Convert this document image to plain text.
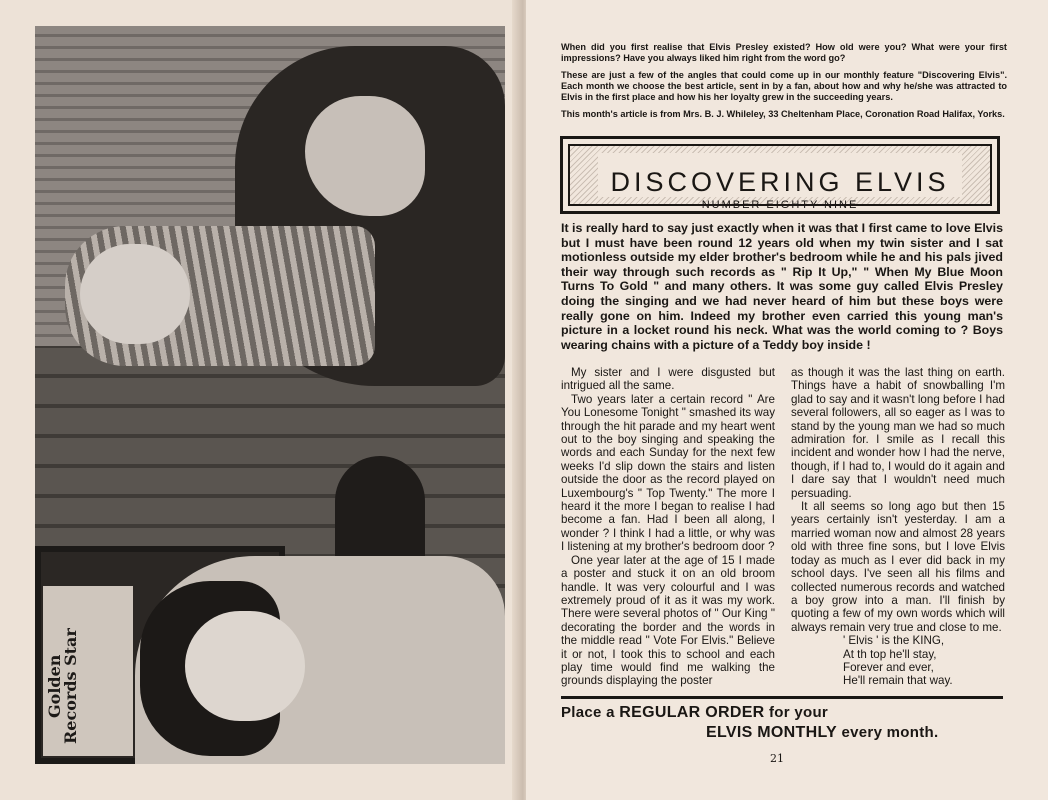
Golden Records Star

When did you first realise that Elvis Presley existed? How old were you? What were your first impressions? Have you always liked him right from the word go?

These are just a few of the angles that could come up in our monthly feature "Discovering Elvis". Each month we choose the best article, sent in by a fan, about how and why he/she was attracted to Elvis in the first place and how his her loyalty grew in the succeeding years.

This month's article is from Mrs. B. J. Whileley, 33 Cheltenham Place, Coronation Road Halifax, Yorks.

DISCOVERING ELVIS
NUMBER EIGHTY-NINE
It is really hard to say just exactly when it was that I first came to love Elvis but I must have been round 12 years old when my twin sister and I sat motionless outside my elder brother's bedroom while he and his pals jived their way through such records as " Rip It Up," " When My Blue Moon Turns To Gold " and many others. It was some guy called Elvis Presley doing the singing and we had never heard of him but these boys were really gone on him. Indeed my brother even carried this young man's picture in a locket round his neck. What was the world coming to ? Boys wearing chains with a picture of a Teddy boy inside !

My sister and I were disgusted but intrigued all the same.

Two years later a certain record " Are You Lonesome Tonight " smashed its way through the hit parade and my heart went out to the boy singing and speaking the words and each Sunday for the next few weeks I'd slip down the stairs and listen outside the door as the record played on Luxembourg's " Top Twenty." The more I heard it the more I began to realise I had become a fan. Had I been all along, I wonder ? I think I had a little, or why was I listening at my brother's bedroom door ?

One year later at the age of 15 I made a poster and stuck it on an old broom handle. It was very colourful and I was extremely proud of it as it was my work. There were several photos of " Our King " decorating the border and the words in the middle read " Vote For Elvis." Believe it or not, I took this to school and each play time would find me walking the grounds displaying the poster

as though it was the last thing on earth. Things have a habit of snowballing I'm glad to say and it wasn't long before I had several followers, all so eager as I was to stand by the young man we had so much admiration for. I smile as I recall this incident and wonder how I had the nerve, though, if I had to, I would do it again and I dare say that I wouldn't need much persuading.

It all seems so long ago but then 15 years certainly isn't yesterday. I am a married woman now and almost 28 years old with three fine sons, but I love Elvis today as much as I ever did back in my school days. I've seen all his films and collected numerous records and watched a boy grow into a man. I'll finish by quoting a few of my own words which will always remain very true and close to me.

' Elvis ' is the KING,

At th top he'll stay,

Forever and ever,

He'll remain that way.

Place a REGULAR ORDER for your
ELVIS MONTHLY every month.
21
